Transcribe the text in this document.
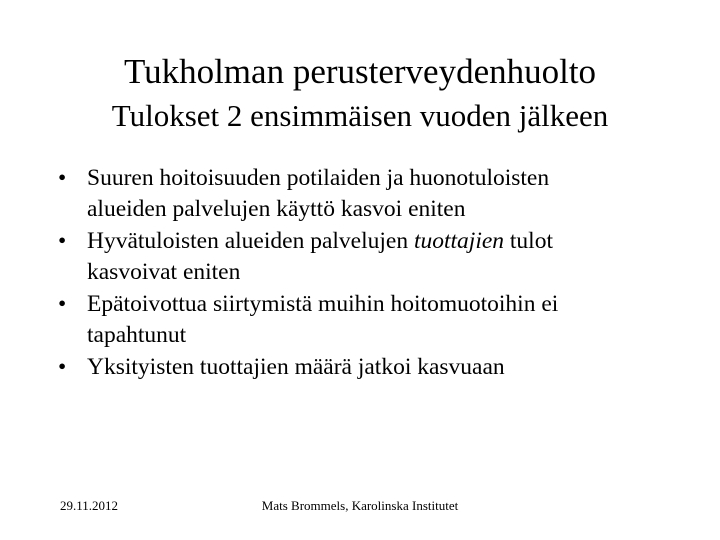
Tukholman perusterveydenhuolto
Tulokset 2 ensimmäisen vuoden jälkeen
• Suuren hoitoisuuden potilaiden ja huonotuloisten
alueiden palvelujen käyttö kasvoi eniten
• Hyvätuloisten alueiden palvelujen tuottajien tulot
kasvoivat eniten
• Epätoivottua siirtymistä muihin hoitomuotoihin ei
tapahtunut
• Yksityisten tuottajien määrä jatkoi kasvuaan
29.11.2012	Mats Brommels, Karolinska Institutet
